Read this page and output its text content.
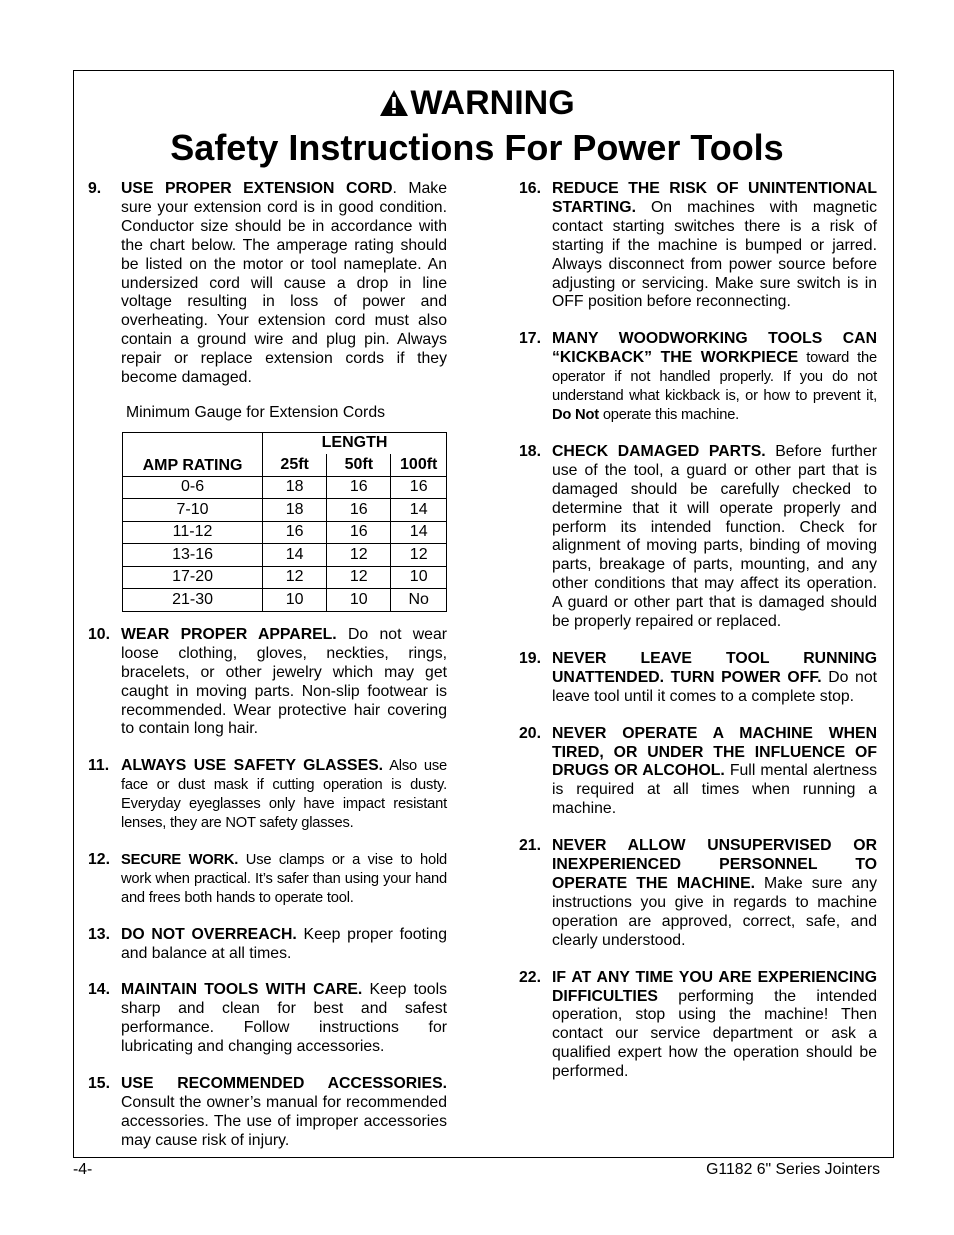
WARNING
Safety Instructions For Power Tools
9.	USE PROPER EXTENSION CORD. Make sure your extension cord is in good condition. Conductor size should be in accordance with the chart below. The amperage rating should be listed on the motor or tool nameplate. An undersized cord will cause a drop in line voltage resulting in loss of power and overheating. Your extension cord must also contain a ground wire and plug pin. Always repair or replace extension cords if they become damaged.
Minimum Gauge for Extension Cords
AMP RATING	LENGTH		
	25ft	50ft	100ft
0-6	18	16	16
7-10	18	16	14
11-12	16	16	14
13-16	14	12	12
17-20	12	12	10
21-30	10	10	No
10. WEAR PROPER APPAREL. Do not wear loose clothing, gloves, neckties, rings, bracelets, or other jewelry which may get caught in moving parts. Non-slip footwear is recommended. Wear protective hair covering to contain long hair.
11. ALWAYS USE SAFETY GLASSES. Also use face or dust mask if cutting operation is dusty. Everyday eyeglasses only have impact resistant lenses, they are NOT safety glasses.
12. SECURE WORK. Use clamps or a vise to hold work when practical. It’s safer than using your hand and frees both hands to operate tool.
13. DO NOT OVERREACH. Keep proper footing and balance at all times.
14. MAINTAIN TOOLS WITH CARE. Keep tools sharp and clean for best and safest performance. Follow instructions for lubricating and changing accessories.
15. USE RECOMMENDED ACCESSORIES. Consult the owner’s manual for recommended accessories. The use of improper accessories may cause risk of injury.
16. REDUCE THE RISK OF UNINTENTIONAL STARTING. On machines with magnetic contact starting switches there is a risk of starting if the machine is bumped or jarred. Always disconnect from power source before adjusting or servicing. Make sure switch is in OFF position before reconnecting.
17. MANY WOODWORKING TOOLS CAN “KICKBACK” THE WORKPIECE toward the operator if not handled properly. If you do not understand what kickback is, or how to prevent it, Do Not operate this machine.
18. CHECK DAMAGED PARTS. Before further use of the tool, a guard or other part that is damaged should be carefully checked to determine that it will operate properly and perform its intended function. Check for alignment of moving parts, binding of moving parts, breakage of parts, mounting, and any other conditions that may affect its operation. A guard or other part that is damaged should be properly repaired or replaced.
19. NEVER LEAVE TOOL RUNNING UNATTENDED. TURN POWER OFF. Do not leave tool until it comes to a complete stop.
20. NEVER OPERATE A MACHINE WHEN TIRED, OR UNDER THE INFLUENCE OF DRUGS OR ALCOHOL. Full mental alertness is required at all times when running a machine.
21. NEVER ALLOW UNSUPERVISED OR INEXPERIENCED PERSONNEL TO OPERATE THE MACHINE. Make sure any instructions you give in regards to machine operation are approved, correct, safe, and clearly understood.
22. IF AT ANY TIME YOU ARE EXPERIENCING DIFFICULTIES performing the intended operation, stop using the machine! Then contact our service department or ask a qualified expert how the operation should be performed.
-4-	G1182 6" Series Jointers
